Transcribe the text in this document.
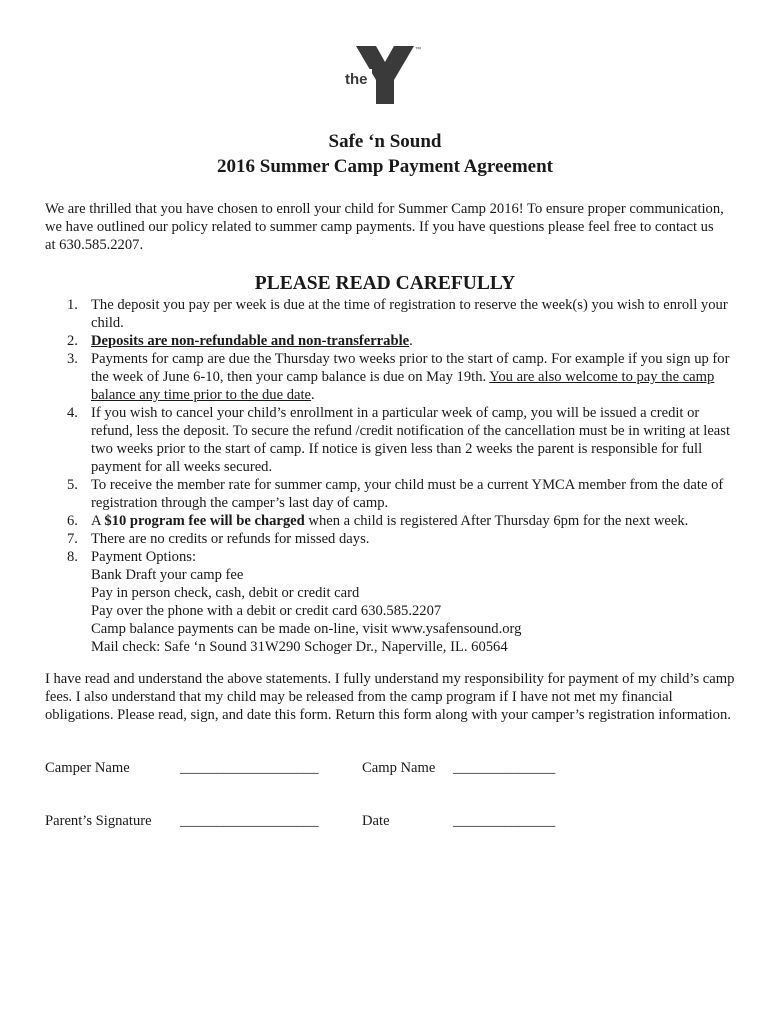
the
YMCA
™
Safe ‘n Sound
2016 Summer Camp Payment Agreement
We are thrilled that you have chosen to enroll your child for Summer Camp 2016! To ensure proper communication, we have outlined our policy related to summer camp payments. If you have questions please feel free to contact us at 630.585.2207.
PLEASE READ CAREFULLY
1. The deposit you pay per week is due at the time of registration to reserve the week(s) you wish to enroll your child.
2. Deposits are non-refundable and non-transferrable.
3. Payments for camp are due the Thursday two weeks prior to the start of camp. For example if you sign up for the week of June 6-10, then your camp balance is due on May 19th. You are also welcome to pay the camp balance any time prior to the due date.
4. If you wish to cancel your child’s enrollment in a particular week of camp, you will be issued a credit or refund, less the deposit. To secure the refund /credit notification of the cancellation must be in writing at least two weeks prior to the start of camp. If notice is given less than 2 weeks the parent is responsible for full payment for all weeks secured.
5. To receive the member rate for summer camp, your child must be a current YMCA member from the date of registration through the camper’s last day of camp.
6. A $10 program fee will be charged when a child is registered After Thursday 6pm for the next week.
7. There are no credits or refunds for missed days.
8. Payment Options:
Bank Draft your camp fee
Pay in person check, cash, debit or credit card
Pay over the phone with a debit or credit card 630.585.2207
Camp balance payments can be made on-line, visit www.ysafensound.org
Mail check: Safe ‘n Sound 31W290 Schoger Dr., Naperville, IL. 60564
I have read and understand the above statements. I fully understand my responsibility for payment of my child’s camp fees. I also understand that my child may be released from the camp program if I have not met my financial obligations. Please read, sign, and date this form. Return this form along with your camper’s registration information.
Camper Name	___________________	Camp Name ______________
Parent’s Signature ___________________	Date	______________
